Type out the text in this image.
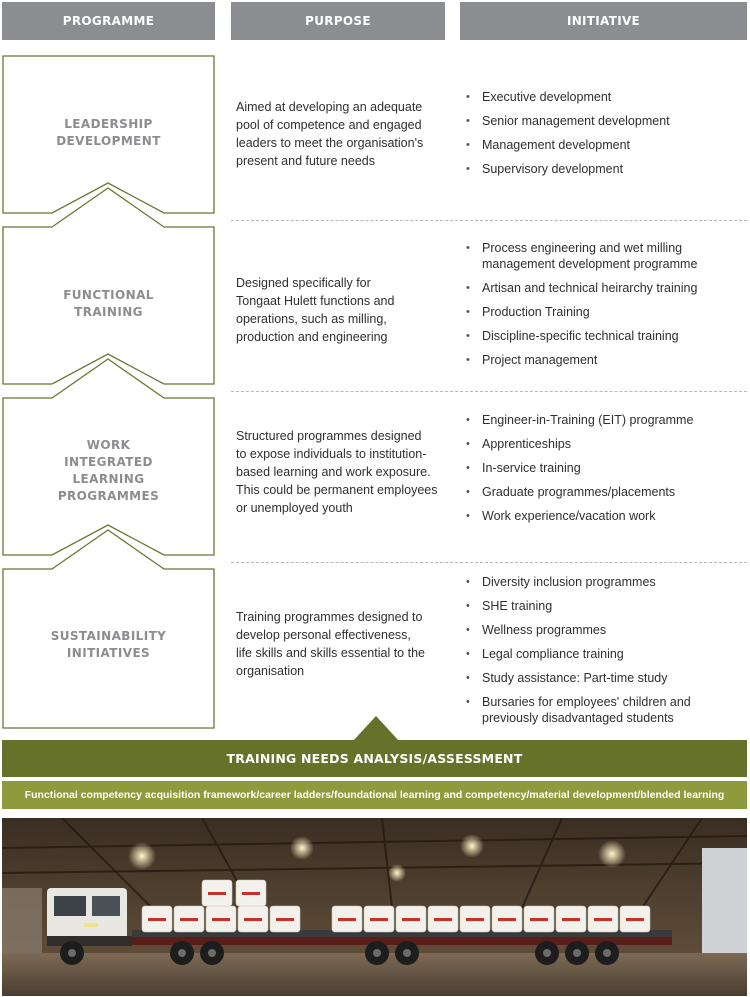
PROGRAMME	PURPOSE	INITIATIVE
LEADERSHIP
DEVELOPMENT
FUNCTIONAL
TRAINING
WORK
INTEGRATED
LEARNING
PROGRAMMES
SUSTAINABILITY
INITIATIVES
Aimed at developing an adequate
pool of competence and engaged
leaders to meet the organisation's
present and future needs
Designed specifically for
Tongaat Hulett functions and
operations, such as milling,
production and engineering
Structured programmes designed
to expose individuals to institution-
based learning and work exposure.
This could be permanent employees
or unemployed youth
Training programmes designed to
develop personal effectiveness,
life skills and skills essential to the
organisation
• Executive development
• Senior management development
• Management development
• Supervisory development
• Process engineering and wet milling
management development programme
• Artisan and technical heirarchy training
• Production Training
• Discipline-specific technical training
• Project management
• Engineer-in-Training (EIT) programme
• Apprenticeships
• In-service training
• Graduate programmes/placements
• Work experience/vacation work
• Diversity inclusion programmes
• SHE training
• Wellness programmes
• Legal compliance training
• Study assistance: Part-time study
• Bursaries for employees' children and
previously disadvantaged students
TRAINING NEEDS ANALYSIS/ASSESSMENT
Functional competency acquisition framework/career ladders/foundational learning and competency/material development/blended learning
